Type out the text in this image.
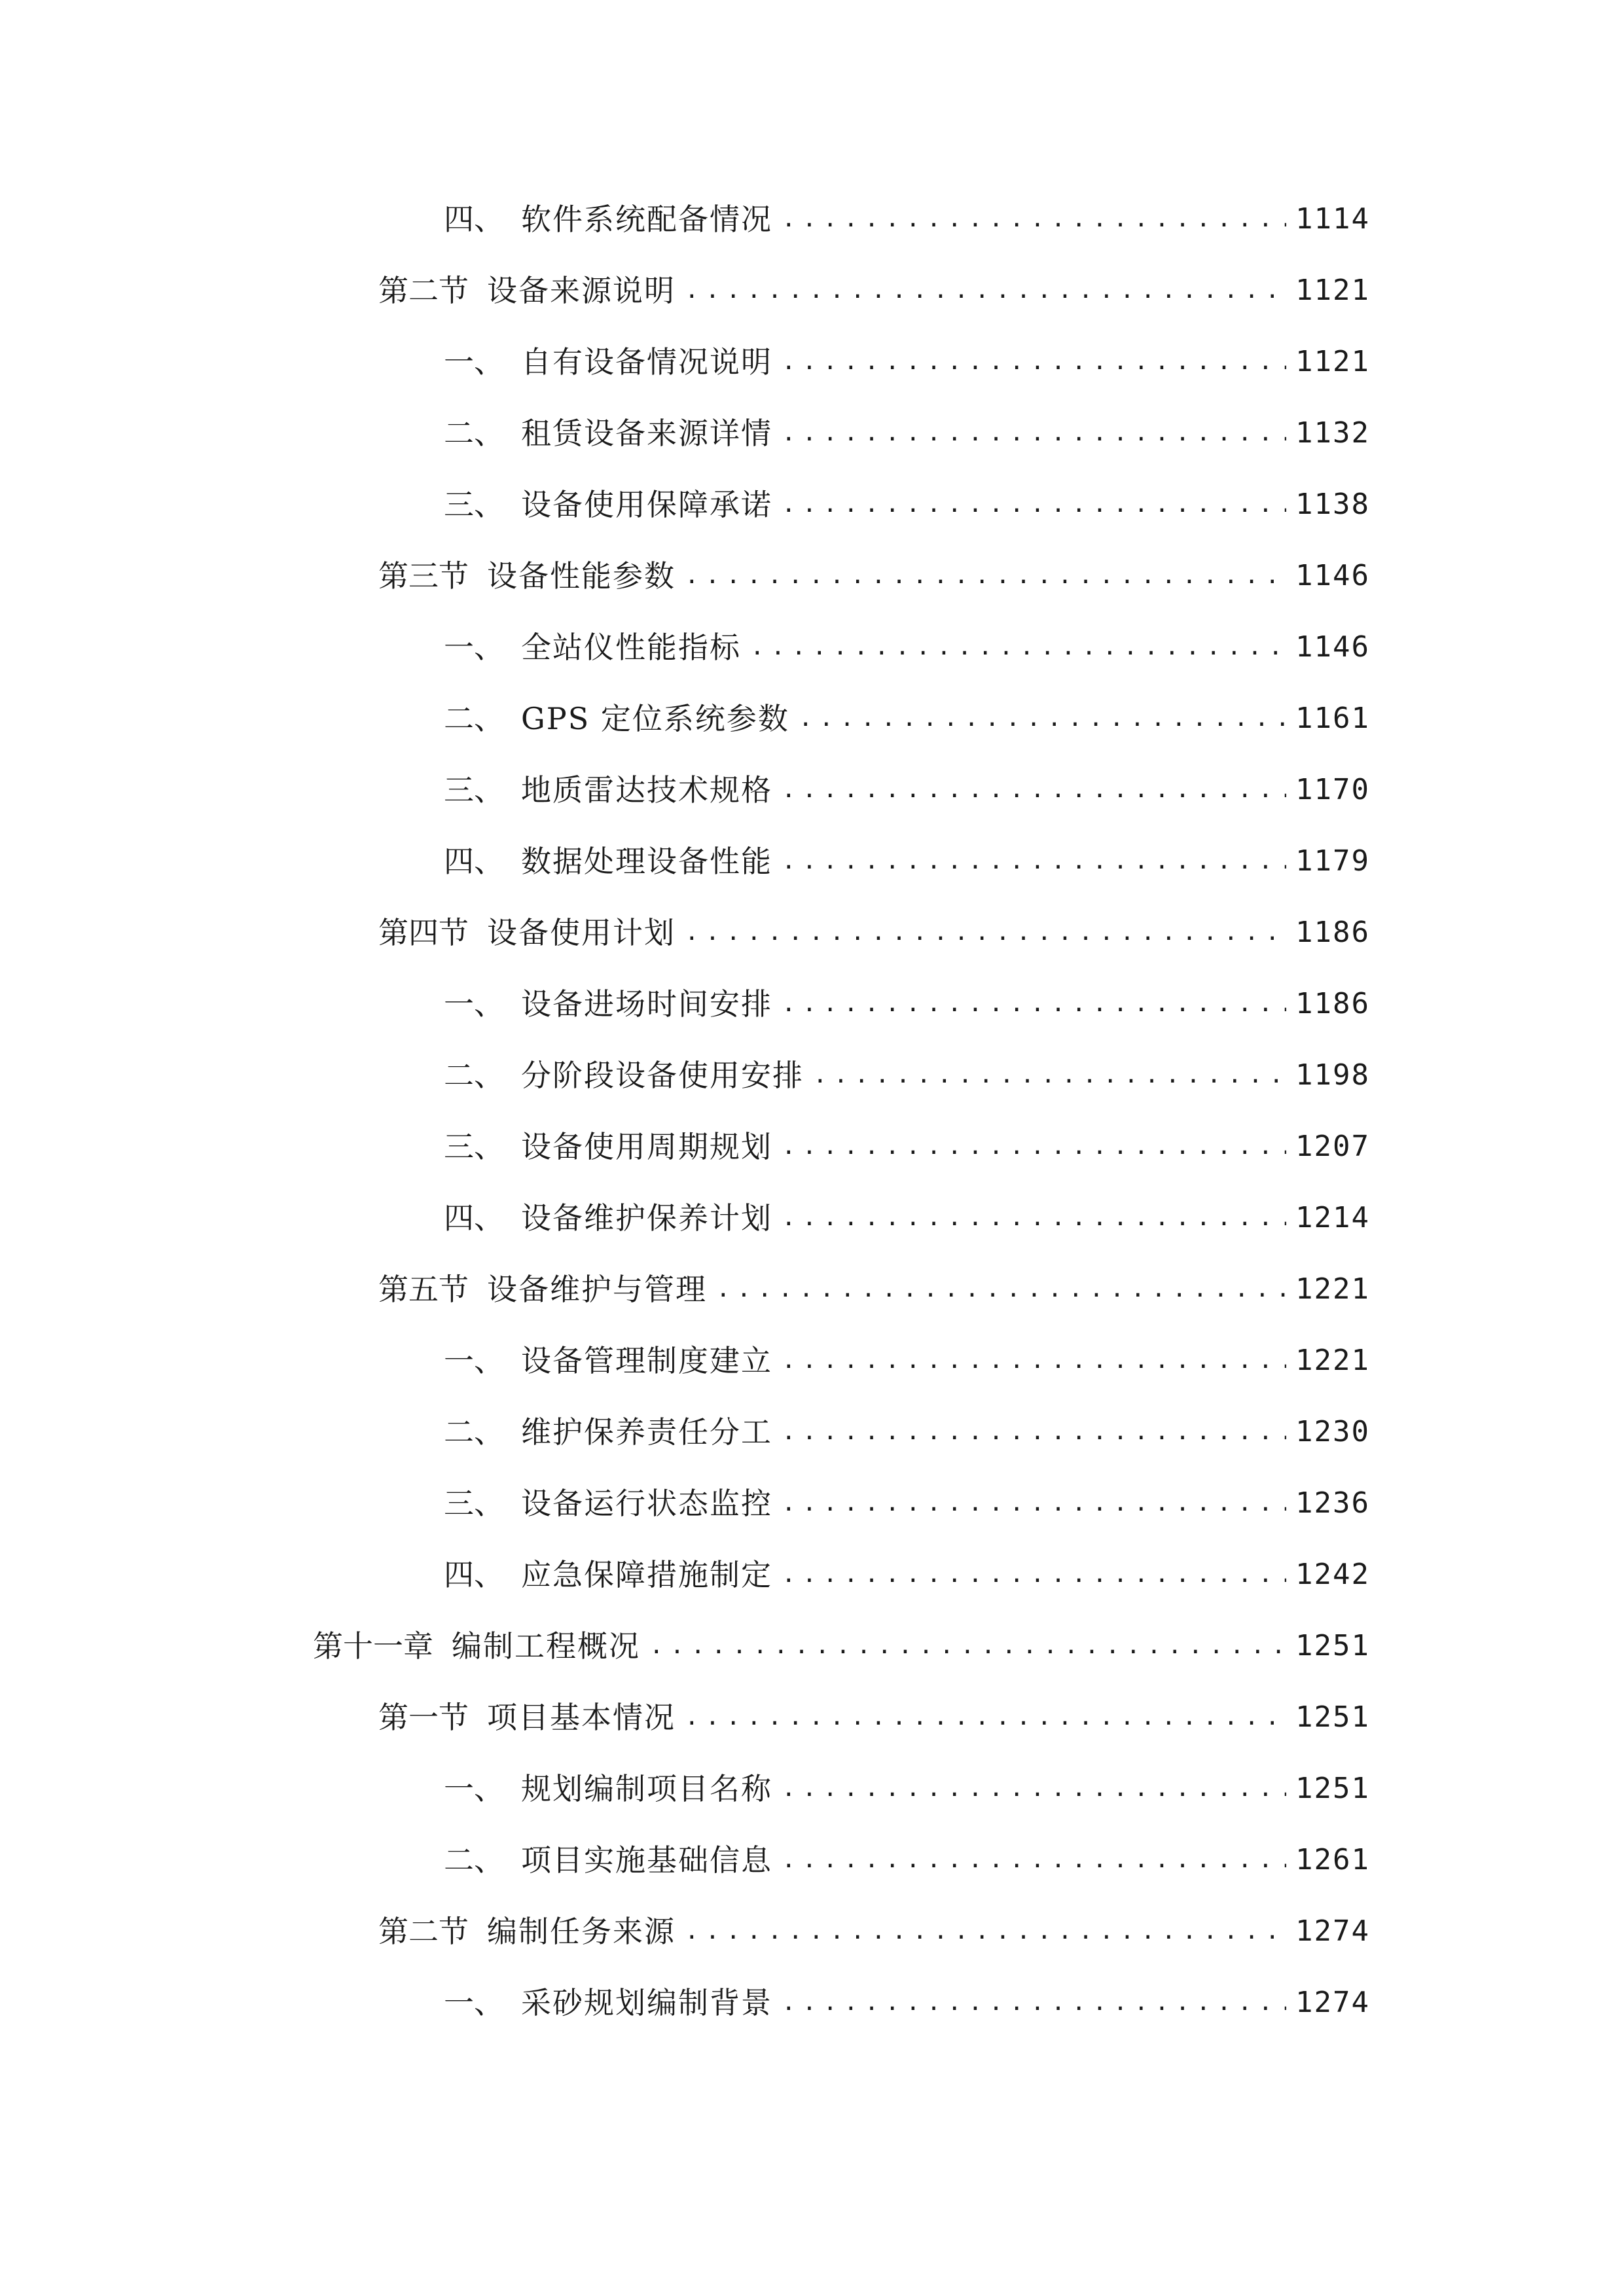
四、 软件系统配备情况 .....	1114
第二节 设备来源说明 .....	1121
一、 自有设备情况说明 .....	1121
二、 租赁设备来源详情 .....	1132
三、 设备使用保障承诺 .....	1138
第三节 设备性能参数 .....	1146
一、 全站仪性能指标 .....	1146
二、 GPS 定位系统参数 .....	1161
三、 地质雷达技术规格 .....	1170
四、 数据处理设备性能 .....	1179
第四节 设备使用计划 .....	1186
一、 设备进场时间安排 .....	1186
二、 分阶段设备使用安排 .....	1198
三、 设备使用周期规划 .....	1207
四、 设备维护保养计划 .....	1214
第五节 设备维护与管理 .....	1221
一、 设备管理制度建立 .....	1221
二、 维护保养责任分工 .....	1230
三、 设备运行状态监控 .....	1236
四、 应急保障措施制定 .....	1242
第十一章 编制工程概况 .....	1251
第一节 项目基本情况 .....	1251
一、 规划编制项目名称 .....	1251
二、 项目实施基础信息 .....	1261
第二节 编制任务来源 .....	1274
一、 采砂规划编制背景 .....	1274
